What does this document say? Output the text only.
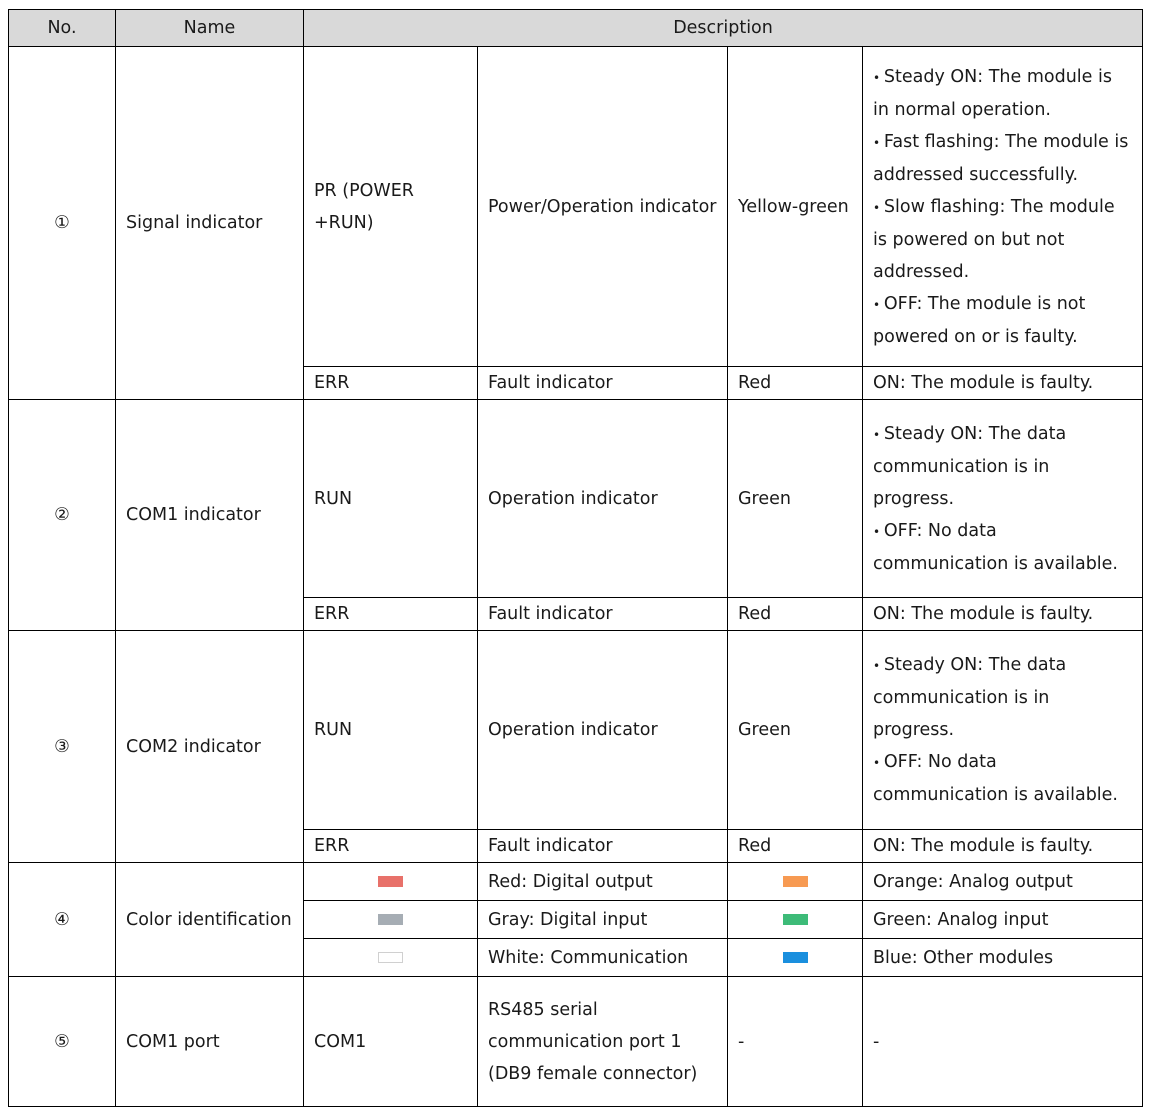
No.	Name	Description			
①	Signal indicator	PR (POWER +RUN)	Power/Operation indicator	Yellow-green	• Steady ON: The module is in normal operation.

• Fast flashing: The module is addressed successfully.

• Slow flashing: The module is powered on but not addressed.

• OFF: The module is not powered on or is faulty.

		ERR	Fault indicator	Red	ON: The module is faulty.
②	COM1 indicator	RUN	Operation indicator	Green	• Steady ON: The data communication is in progress.

• OFF: No data communication is available.

		ERR	Fault indicator	Red	ON: The module is faulty.
③	COM2 indicator	RUN	Operation indicator	Green	• Steady ON: The data communication is in progress.

• OFF: No data communication is available.

		ERR	Fault indicator	Red	ON: The module is faulty.
④	Color identification		Red: Digital output		Orange: Analog output
			Gray: Digital input		Green: Analog input
			White: Communication		Blue: Other modules
⑤	COM1 port	COM1	RS485 serial communication port 1 (DB9 female connector)	-	-
